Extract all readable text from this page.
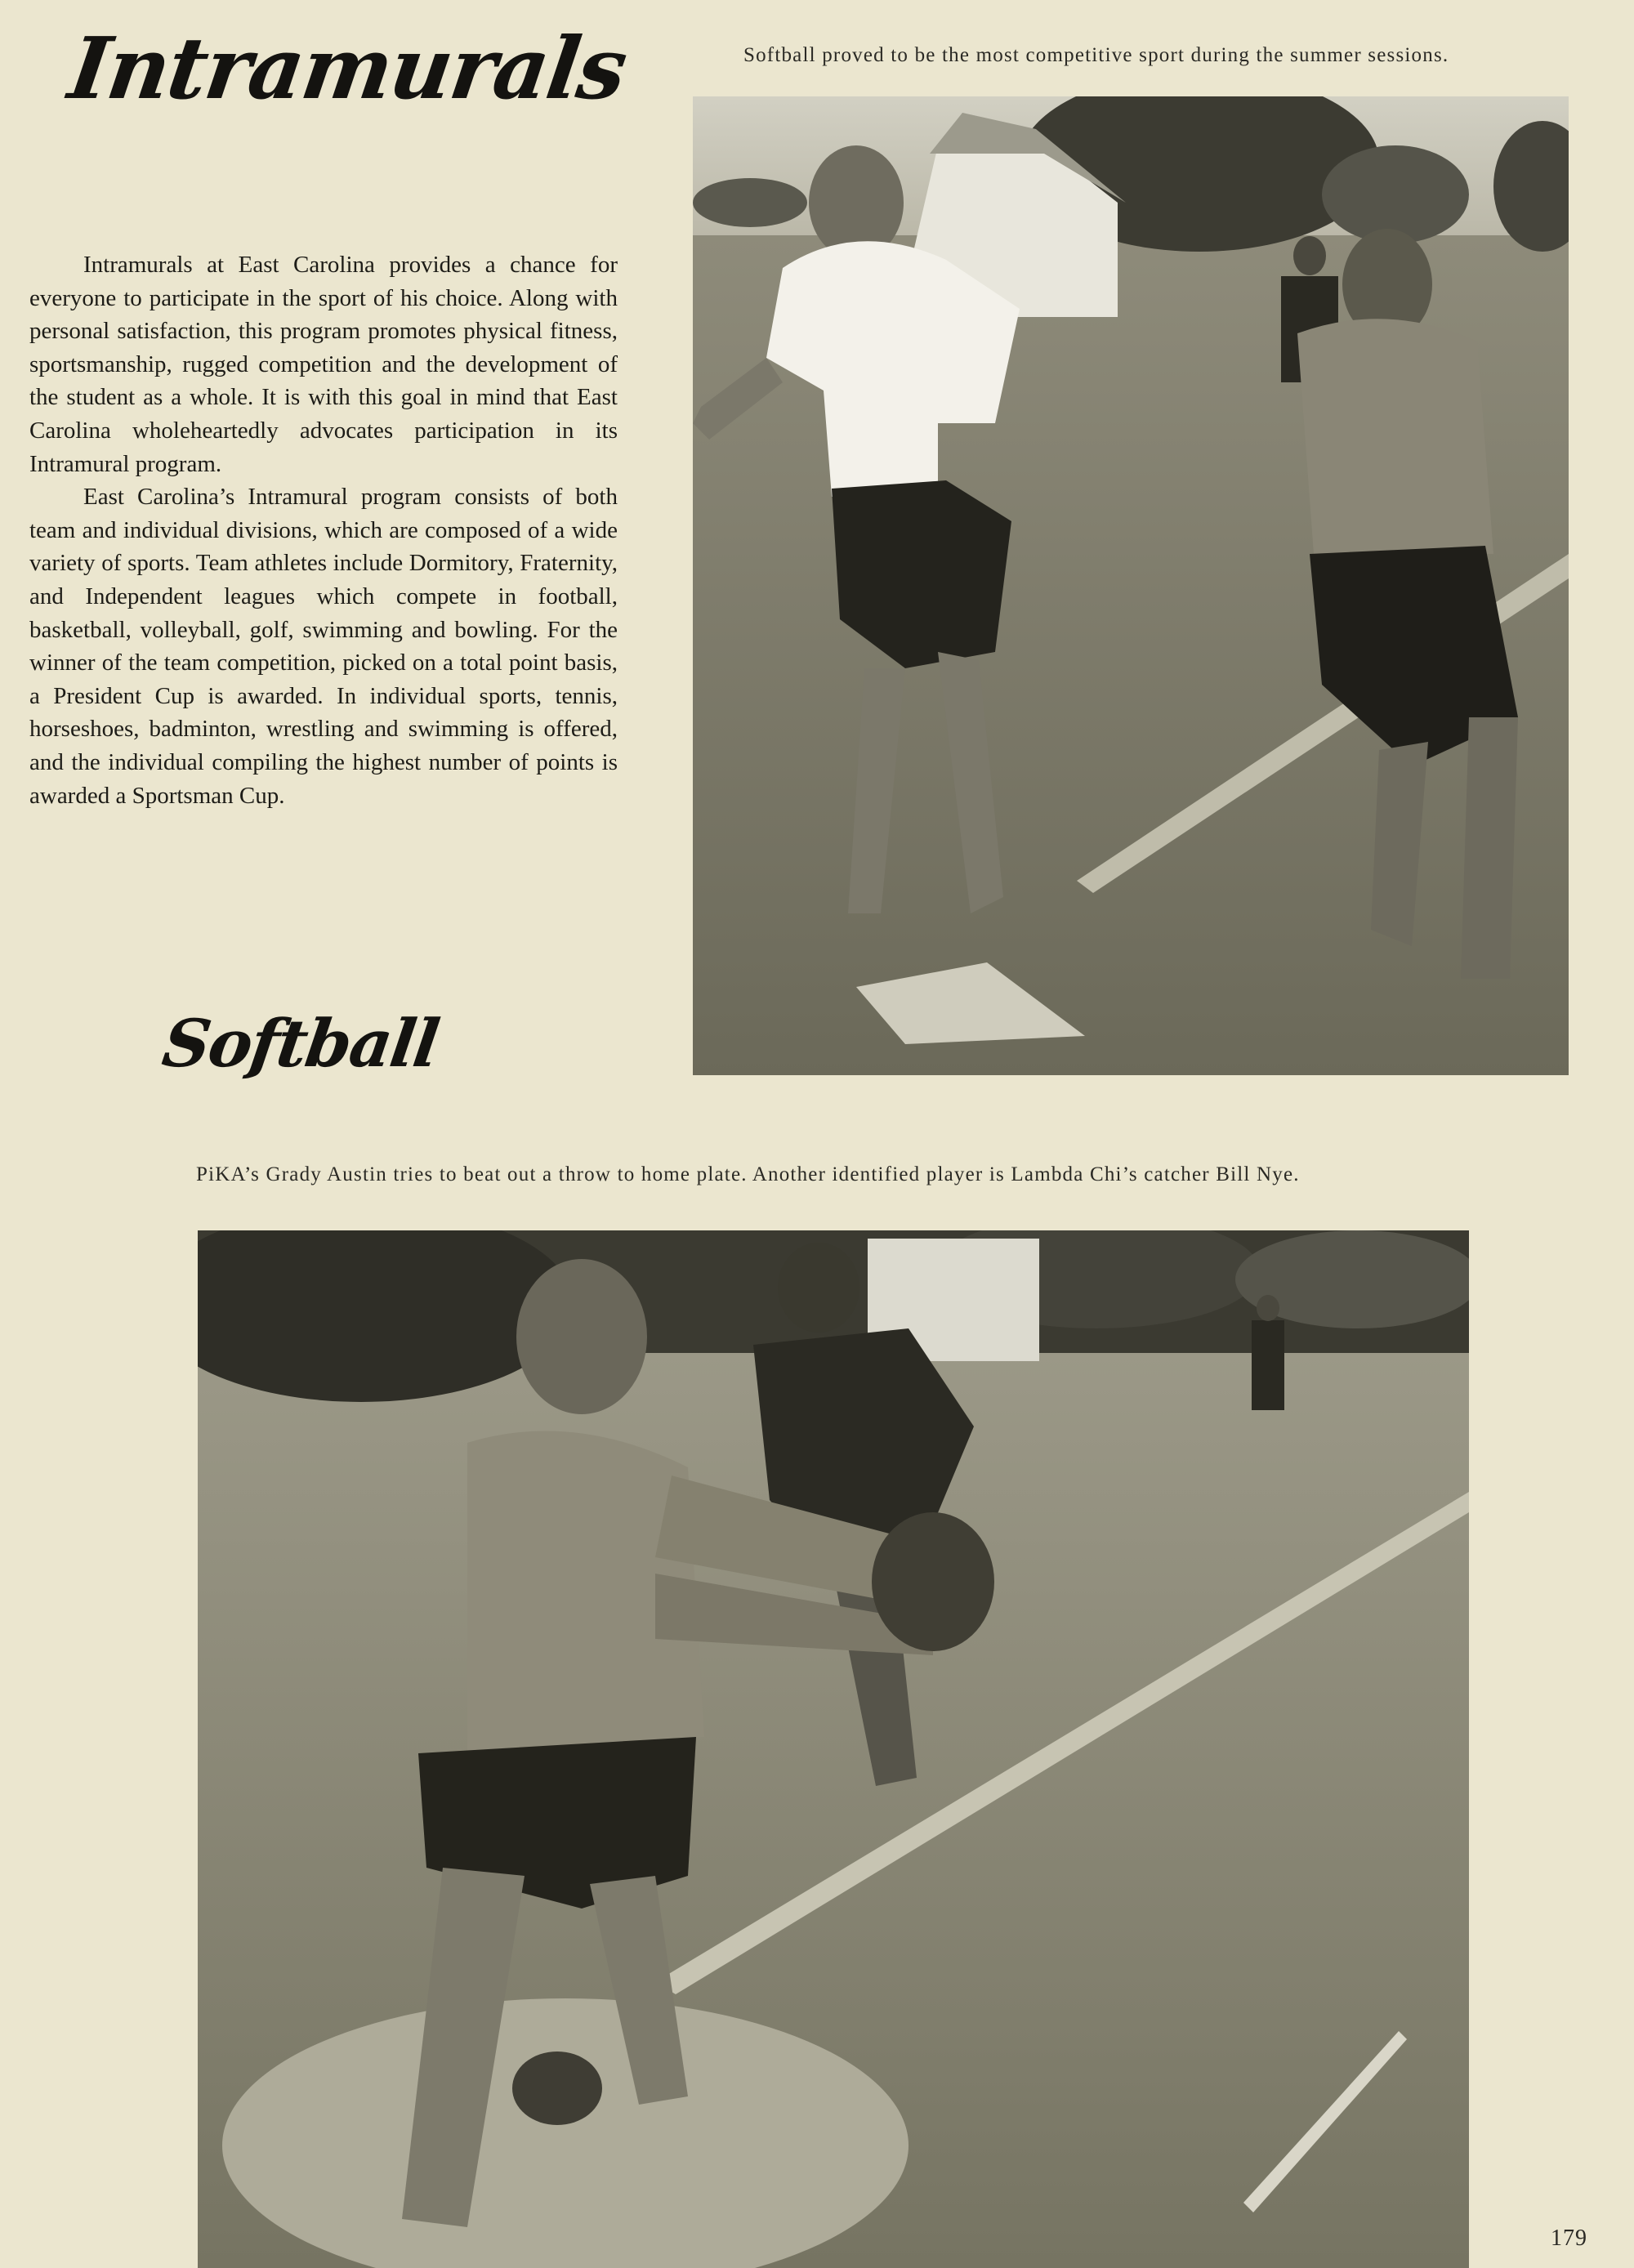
Intramurals	Softball proved to be the most competitive sport during the summer sessions.

Intramurals at East Carolina provides a chance for everyone to participate in the sport of his choice. Along with personal satisfaction, this program promotes physical fitness, sportsmanship, rugged competition and the development of the student as a whole. It is with this goal in mind that East Carolina wholeheartedly advocates participation in its Intramural program.

East Carolina’s Intramural program consists of both team and individual divisions, which are composed of a wide variety of sports. Team athletes include Dormitory, Fraternity, and Independent leagues which compete in football, basketball, volleyball, golf, swimming and bowling. For the winner of the team competition, picked on a total point basis, a President Cup is awarded. In individual sports, tennis, horseshoes, badminton, wrestling and swimming is offered, and the individual compiling the highest number of points is awarded a Sportsman Cup.

Softball
PiKA’s Grady Austin tries to beat out a throw to home plate. Another identified player is Lambda Chi’s catcher Bill Nye.
179
